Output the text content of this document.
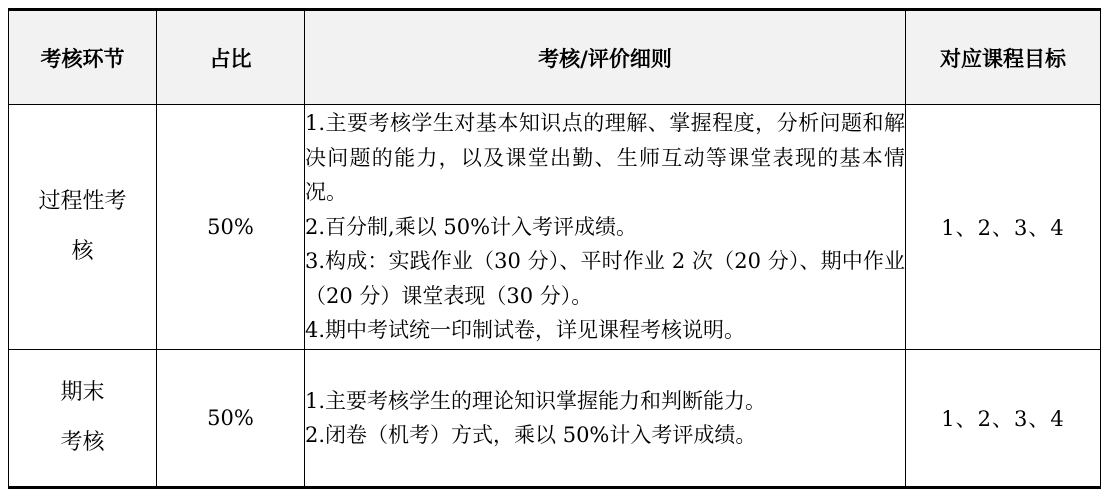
考核环节	占比	考核/评价细则	对应课程目标

过程性考
核	50%	1.主要考核学生对基本知识点的理解、掌握程度，分析问题和解决问题的能力，以及课堂出勤、生师互动等课堂表现的基本情况。
2.百分制,乘以 50%计入考评成绩。
3.构成：实践作业（30 分）、平时作业 2 次（20 分）、期中作业（20 分）课堂表现（30 分）。
4.期中考试统一印制试卷，详见课程考核说明。	1、2、3、4

期末
考核	50%	1.主要考核学生的理论知识掌握能力和判断能力。
2.闭卷（机考）方式，乘以 50%计入考评成绩。	1、2、3、4
